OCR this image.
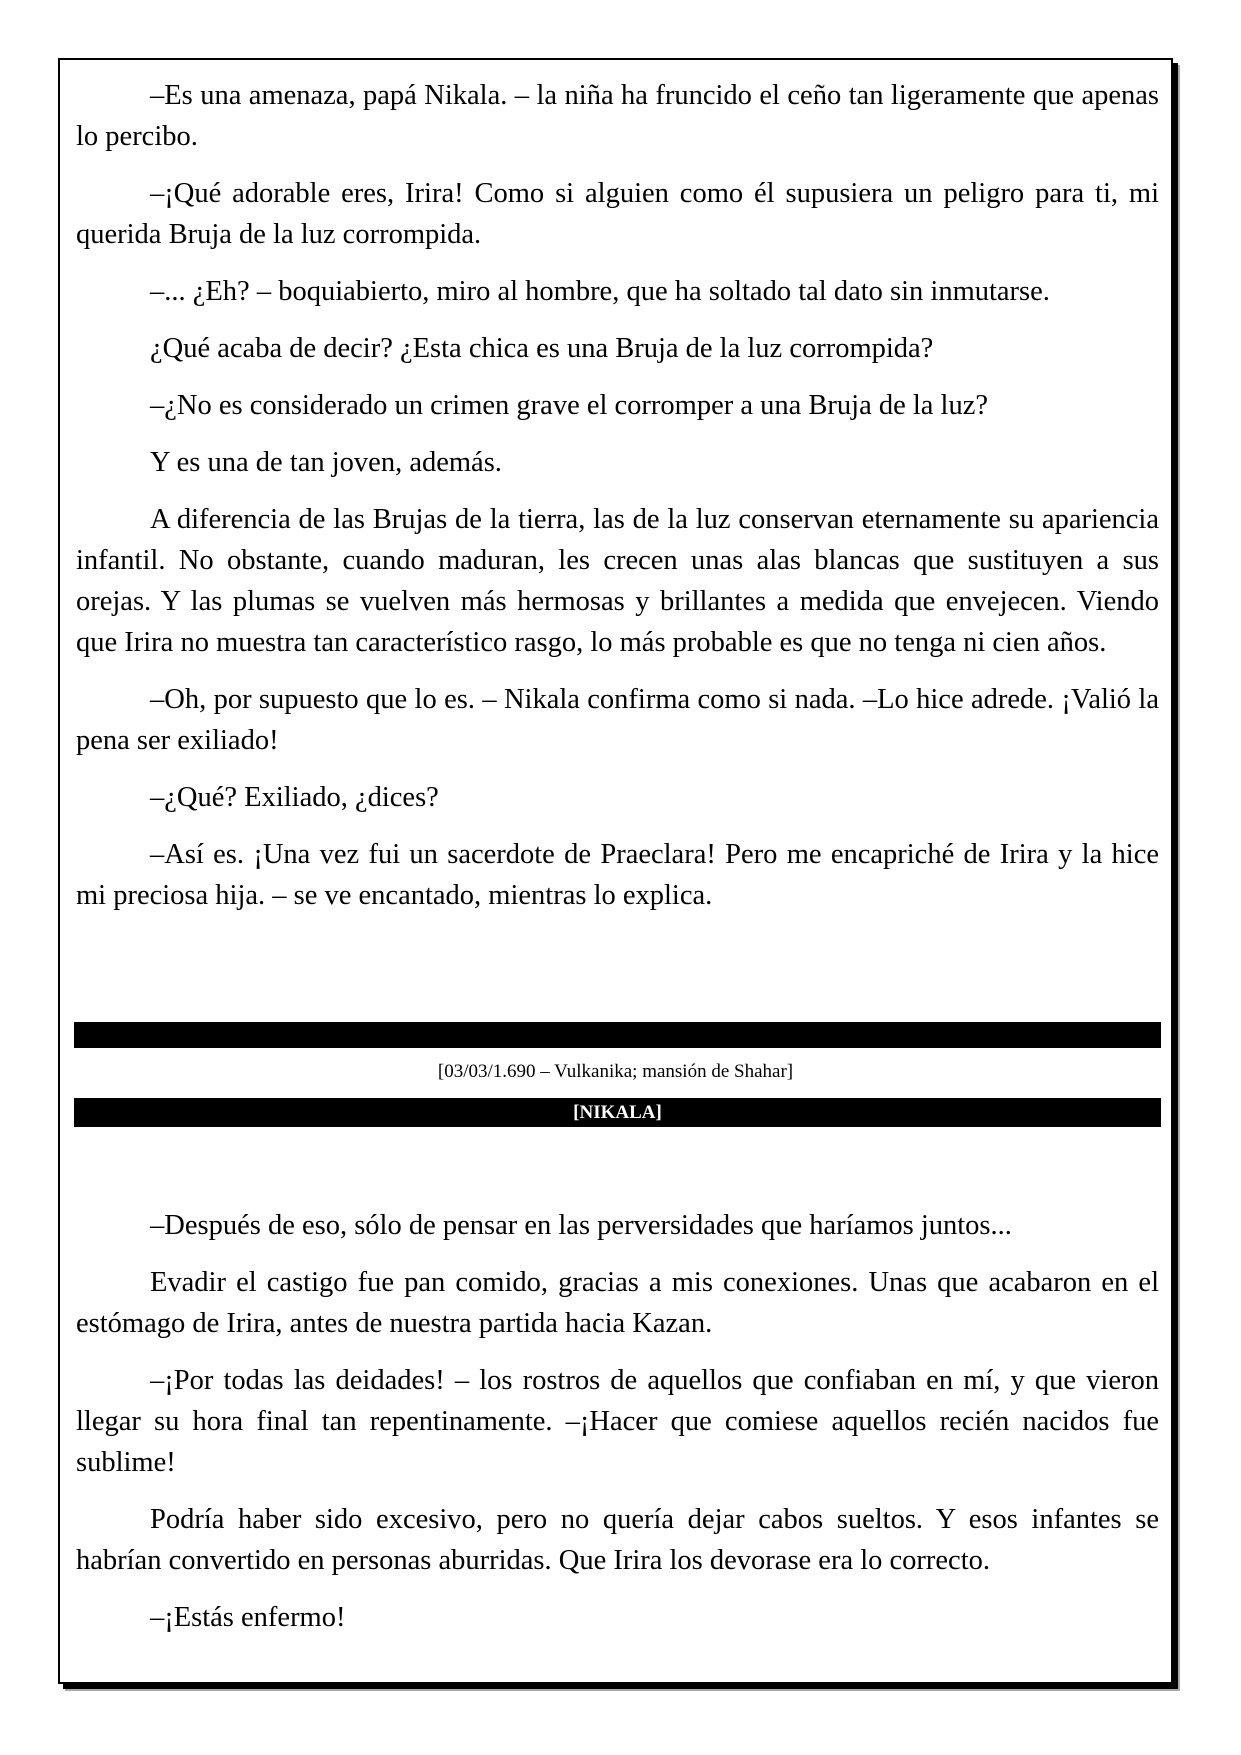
–Es una amenaza, papá Nikala. – la niña ha fruncido el ceño tan ligeramente que apenas lo percibo.

–¡Qué adorable eres, Irira! Como si alguien como él supusiera un peligro para ti, mi querida Bruja de la luz corrompida.

–... ¿Eh? – boquiabierto, miro al hombre, que ha soltado tal dato sin inmutarse.

¿Qué acaba de decir? ¿Esta chica es una Bruja de la luz corrompida?

–¿No es considerado un crimen grave el corromper a una Bruja de la luz?

Y es una de tan joven, además.

A diferencia de las Brujas de la tierra, las de la luz conservan eternamente su apariencia infantil. No obstante, cuando maduran, les crecen unas alas blancas que sustituyen a sus orejas. Y las plumas se vuelven más hermosas y brillantes a medida que envejecen. Viendo que Irira no muestra tan característico rasgo, lo más probable es que no tenga ni cien años.

–Oh, por supuesto que lo es. – Nikala confirma como si nada. –Lo hice adrede. ¡Valió la pena ser exiliado!

–¿Qué? Exiliado, ¿dices?

–Así es. ¡Una vez fui un sacerdote de Praeclara! Pero me encapriché de Irira y la hice mi preciosa hija. – se ve encantado, mientras lo explica.

[03/03/1.690 – Vulkanika; mansión de Shahar]
[NIKALA]

–Después de eso, sólo de pensar en las perversidades que haríamos juntos...

Evadir el castigo fue pan comido, gracias a mis conexiones. Unas que acabaron en el estómago de Irira, antes de nuestra partida hacia Kazan.

–¡Por todas las deidades! – los rostros de aquellos que confiaban en mí, y que vieron llegar su hora final tan repentinamente. –¡Hacer que comiese aquellos recién nacidos fue sublime!

Podría haber sido excesivo, pero no quería dejar cabos sueltos. Y esos infantes se habrían convertido en personas aburridas. Que Irira los devorase era lo correcto.

–¡Estás enfermo!
